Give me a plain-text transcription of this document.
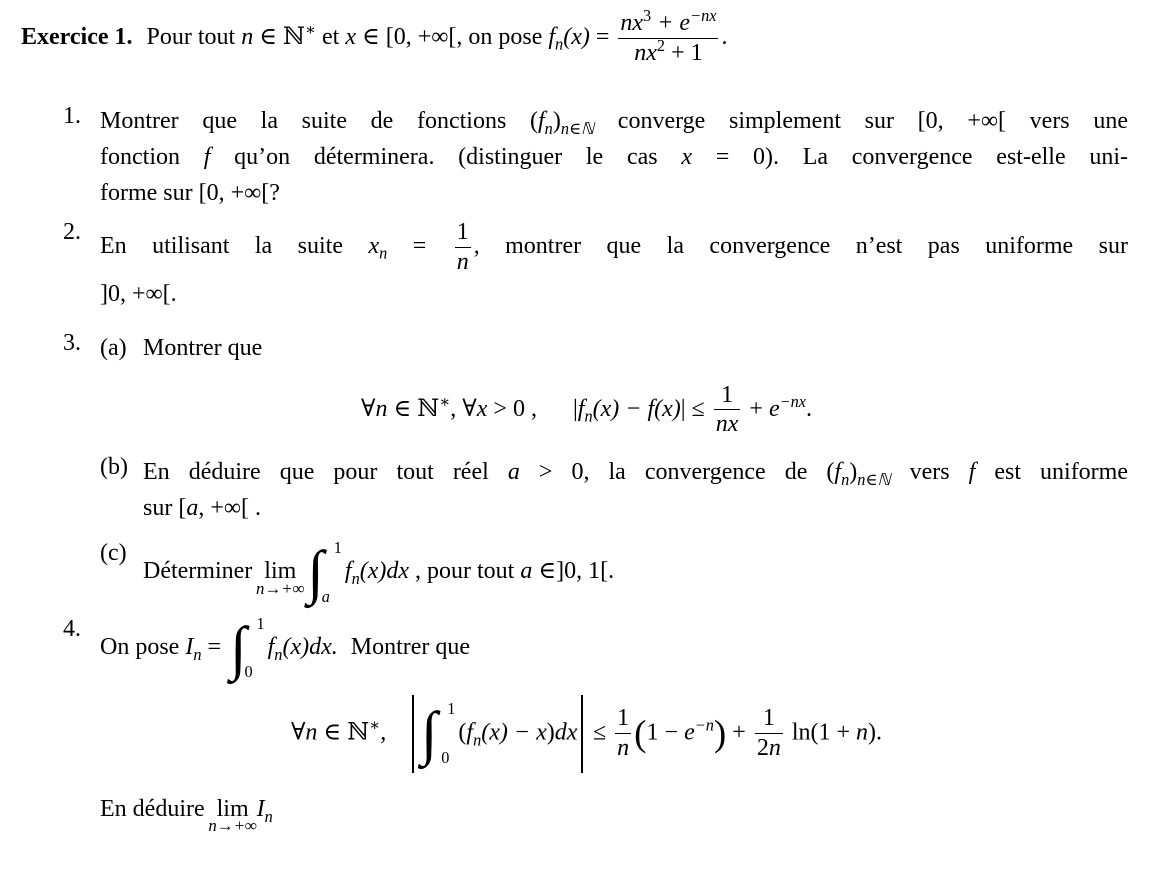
Exercice 1. Pour tout n ∈ ℕ∗ et x ∈ [0, +∞[, on pose $f_n(x) = \frac{nx^3 + e^{-nx}}{nx^2 + 1}$ .
1. Montrer que la suite de fonctions $(f_n)_{n\in ℕ}$ converge simplement sur [0, +∞[ vers une
fonction f qu’on déterminera. (distinguer le cas x = 0). La convergence est-elle uni-
forme sur [0, +∞[?
2.
En utilisant la suite $x_n = \frac{1}{n}$ , montrer que la convergence n’est pas uniforme sur
]0, +∞[.
3. (a) Montrer que
∀n ∈ ℕ∗, ∀x > 0 , $|f_n(x) - f(x)| \le \frac{1}{nx} + e^{-nx}$.
(b) En déduire que pour tout réel a > 0, la convergence de $(f_n)_{n\in ℕ}$ vers f est uniforme
sur [a, +∞[ .
(c)
Déterminer lim
n→+∞ ∫ 1
a
$f_n(x)dx$ , pour tout a ∈]0, 1[.
4.
On pose $I_n$ = ∫ 1
0
$f_n(x)dx$. Montrer que
∀n ∈ ℕ∗, ∫ 1
0
$(f_n(x) - x)dx \le \frac{1}{n} (1 - e^{-n}) + \frac{1}{2n} \ln(1 + n)$.
En déduire lim
n→+∞
$I_n$
